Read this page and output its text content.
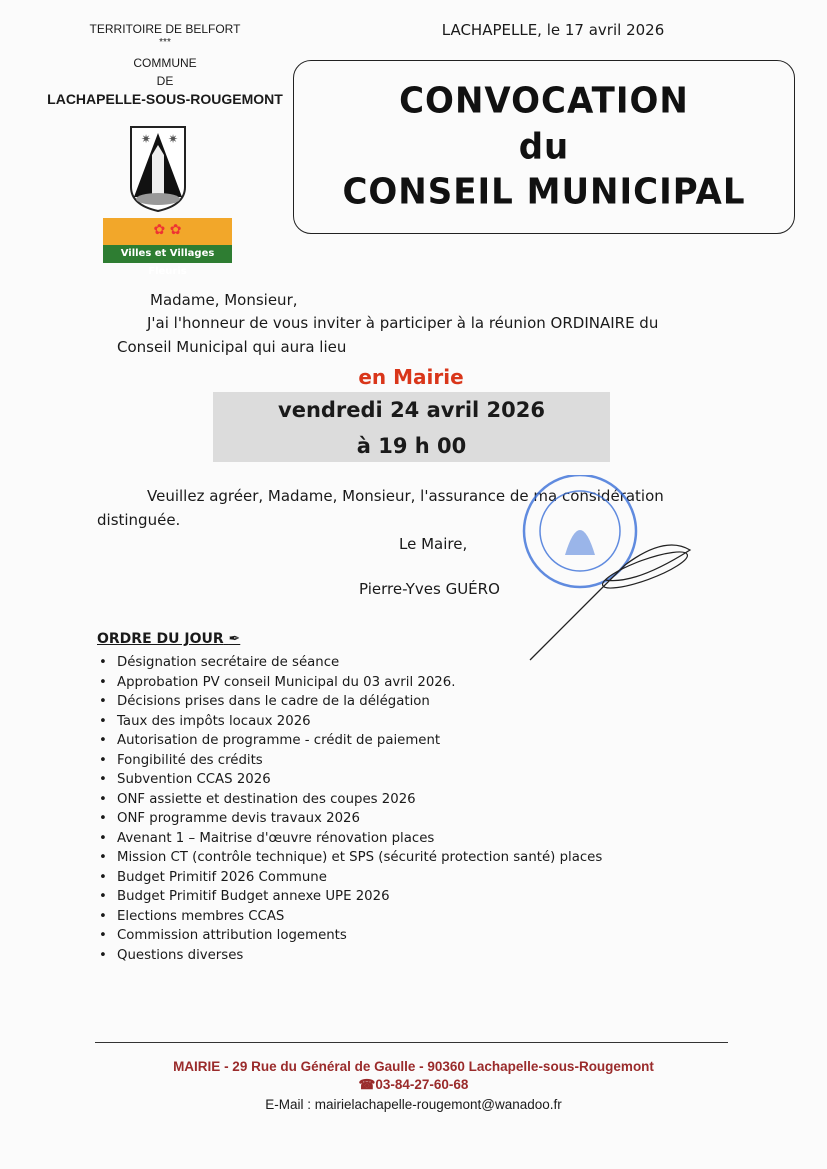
TERRITOIRE DE BELFORT
***
COMMUNE
DE
LACHAPELLE-SOUS-ROUGEMONT
✷ ✷
✿ ✿
Villes et Villages Fleuris
LACHAPELLE, le 17 avril 2026
CONVOCATION
du
CONSEIL MUNICIPAL
Madame, Monsieur,
J'ai l'honneur de vous inviter à participer à la réunion ORDINAIRE du
Conseil Municipal qui aura lieu
en Mairie
vendredi 24 avril 2026
à 19 h 00
Veuillez agréer, Madame, Monsieur, l'assurance de ma considération
distinguée.
Le Maire,
Pierre-Yves GUÉRO
ORDRE DU JOUR ✒
• Désignation secrétaire de séance
• Approbation PV conseil Municipal du 03 avril 2026.
• Décisions prises dans le cadre de la délégation
• Taux des impôts locaux 2026
• Autorisation de programme - crédit de paiement
• Fongibilité des crédits
• Subvention CCAS 2026
• ONF assiette et destination des coupes 2026
• ONF programme devis travaux 2026
• Avenant 1 – Maitrise d'œuvre rénovation places
• Mission CT (contrôle technique) et SPS (sécurité protection santé) places
• Budget Primitif 2026 Commune
• Budget Primitif Budget annexe UPE 2026
• Elections membres CCAS
• Commission attribution logements
• Questions diverses
MAIRIE - 29 Rue du Général de Gaulle - 90360 Lachapelle-sous-Rougemont
☎03-84-27-60-68
E-Mail : mairielachapelle-rougemont@wanadoo.fr
